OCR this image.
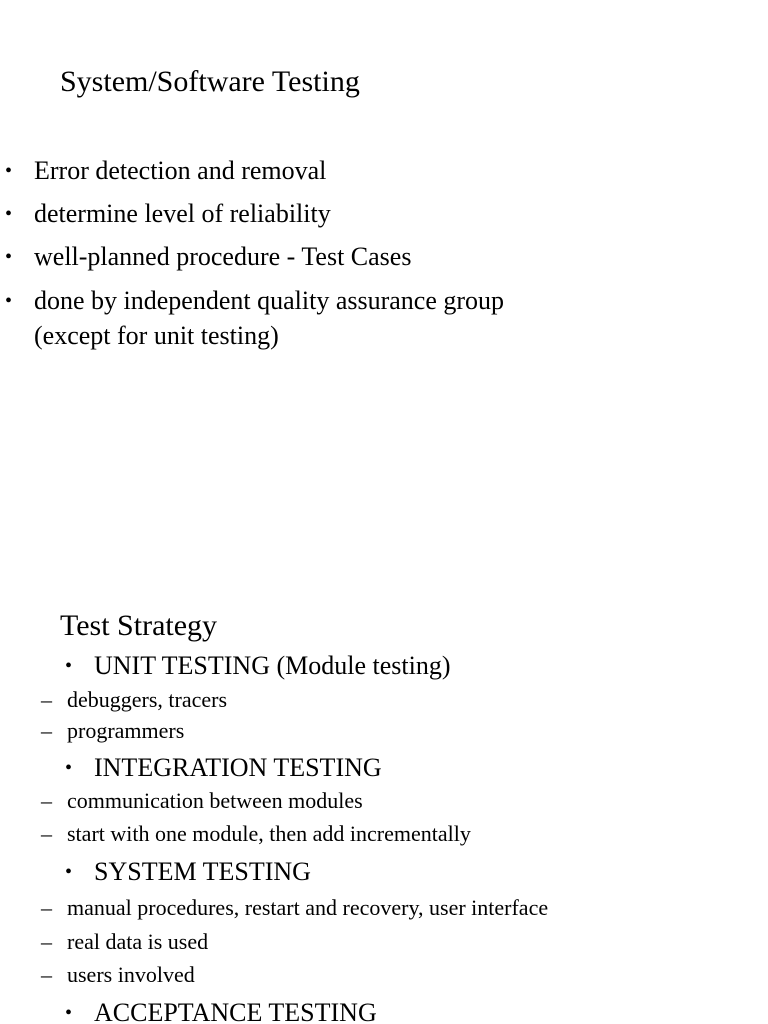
System/Software Testing
• Error detection and removal
• determine level of reliability
• well-planned procedure - Test Cases
• done by independent quality assurance group
(except for unit testing)
Test Strategy
• UNIT TESTING (Module testing)
– debuggers, tracers
– programmers
• INTEGRATION TESTING
– communication between modules
– start with one module, then add incrementally
• SYSTEM TESTING
– manual procedures, restart and recovery, user interface
– real data is used
– users involved
• ACCEPTANCE TESTING
